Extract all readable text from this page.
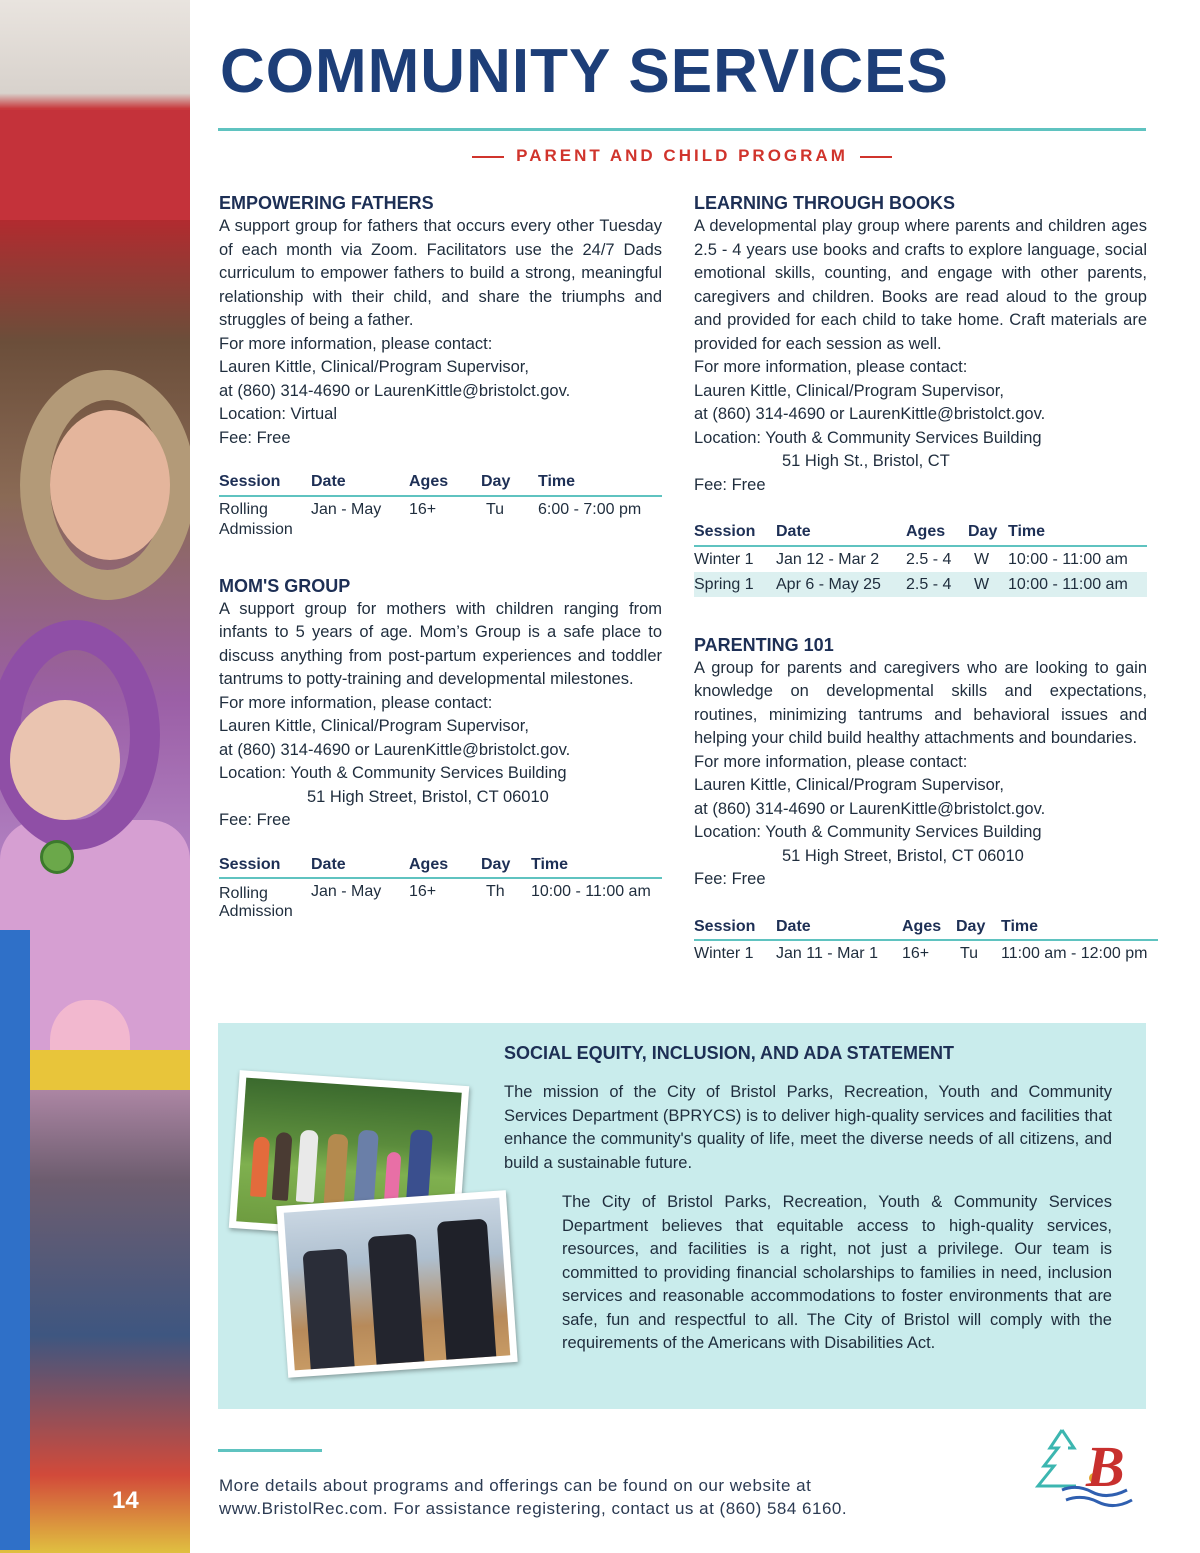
14
COMMUNITY SERVICES
PARENT AND CHILD PROGRAM
EMPOWERING FATHERS

A support group for fathers that occurs every other Tuesday of each month via Zoom. Facilitators use the 24/7 Dads curriculum to empower fathers to build a strong, meaningful relationship with their child, and share the triumphs and struggles of being a father.

For more information, please contact:
Lauren Kittle, Clinical/Program Supervisor,
at (860) 314-4690 or LaurenKittle@bristolct.gov.
Location: Virtual
Fee: Free
Session	Date	Ages	Day	Time
Rolling Admission	Jan - May	16+	Tu	6:00 - 7:00 pm
MOM'S GROUP

A support group for mothers with children ranging from infants to 5 years of age. Mom’s Group is a safe place to discuss anything from post-partum experiences and toddler tantrums to potty-training and developmental milestones.

For more information, please contact:
Lauren Kittle, Clinical/Program Supervisor,
at (860) 314-4690 or LaurenKittle@bristolct.gov.
Location: Youth & Community Services Building
51 High Street, Bristol, CT 06010
Fee: Free
Session	Date	Ages	Day	Time
Rolling Admission	Jan - May	16+	Th	10:00 - 11:00 am
LEARNING THROUGH BOOKS

A developmental play group where parents and children ages 2.5 - 4 years use books and crafts to explore language, social emotional skills, counting, and engage with other parents, caregivers and children. Books are read aloud to the group and provided for each child to take home. Craft materials are provided for each session as well.

For more information, please contact:
Lauren Kittle, Clinical/Program Supervisor,
at (860) 314-4690 or LaurenKittle@bristolct.gov.
Location: Youth & Community Services Building
51 High St., Bristol, CT
Fee: Free
Session	Date	Ages	Day	Time
Winter 1	Jan 12 - Mar 2	2.5 - 4	W	10:00 - 11:00 am
Spring 1	Apr 6 - May 25	2.5 - 4	W	10:00 - 11:00 am
PARENTING 101

A group for parents and caregivers who are looking to gain knowledge on developmental skills and expectations, routines, minimizing tantrums and behavioral issues and helping your child build healthy attachments and boundaries.

For more information, please contact:
Lauren Kittle, Clinical/Program Supervisor,
at (860) 314-4690 or LaurenKittle@bristolct.gov.
Location: Youth & Community Services Building
51 High Street, Bristol, CT 06010
Fee: Free
Session	Date	Ages	Day	Time
Winter 1	Jan 11 - Mar 1	16+	Tu	11:00 am - 12:00 pm
SOCIAL EQUITY, INCLUSION, AND ADA STATEMENT

The mission of the City of Bristol Parks, Recreation, Youth and Community Services Department (BPRYCS) is to deliver high-quality services and facilities that enhance the community's quality of life, meet the diverse needs of all citizens, and build a sustainable future.

The City of Bristol Parks, Recreation, Youth & Community Services Department believes that equitable access to high-quality services, resources, and facilities is a right, not just a privilege. Our team is committed to providing financial scholarships to families in need, inclusion services and reasonable accommodations to foster environments that are safe, fun and respectful to all. The City of Bristol will comply with the requirements of the Americans with Disabilities Act.

More details about programs and offerings can be found on our website at
www.BristolRec.com. For assistance registering, contact us at (860) 584 6160.
B
